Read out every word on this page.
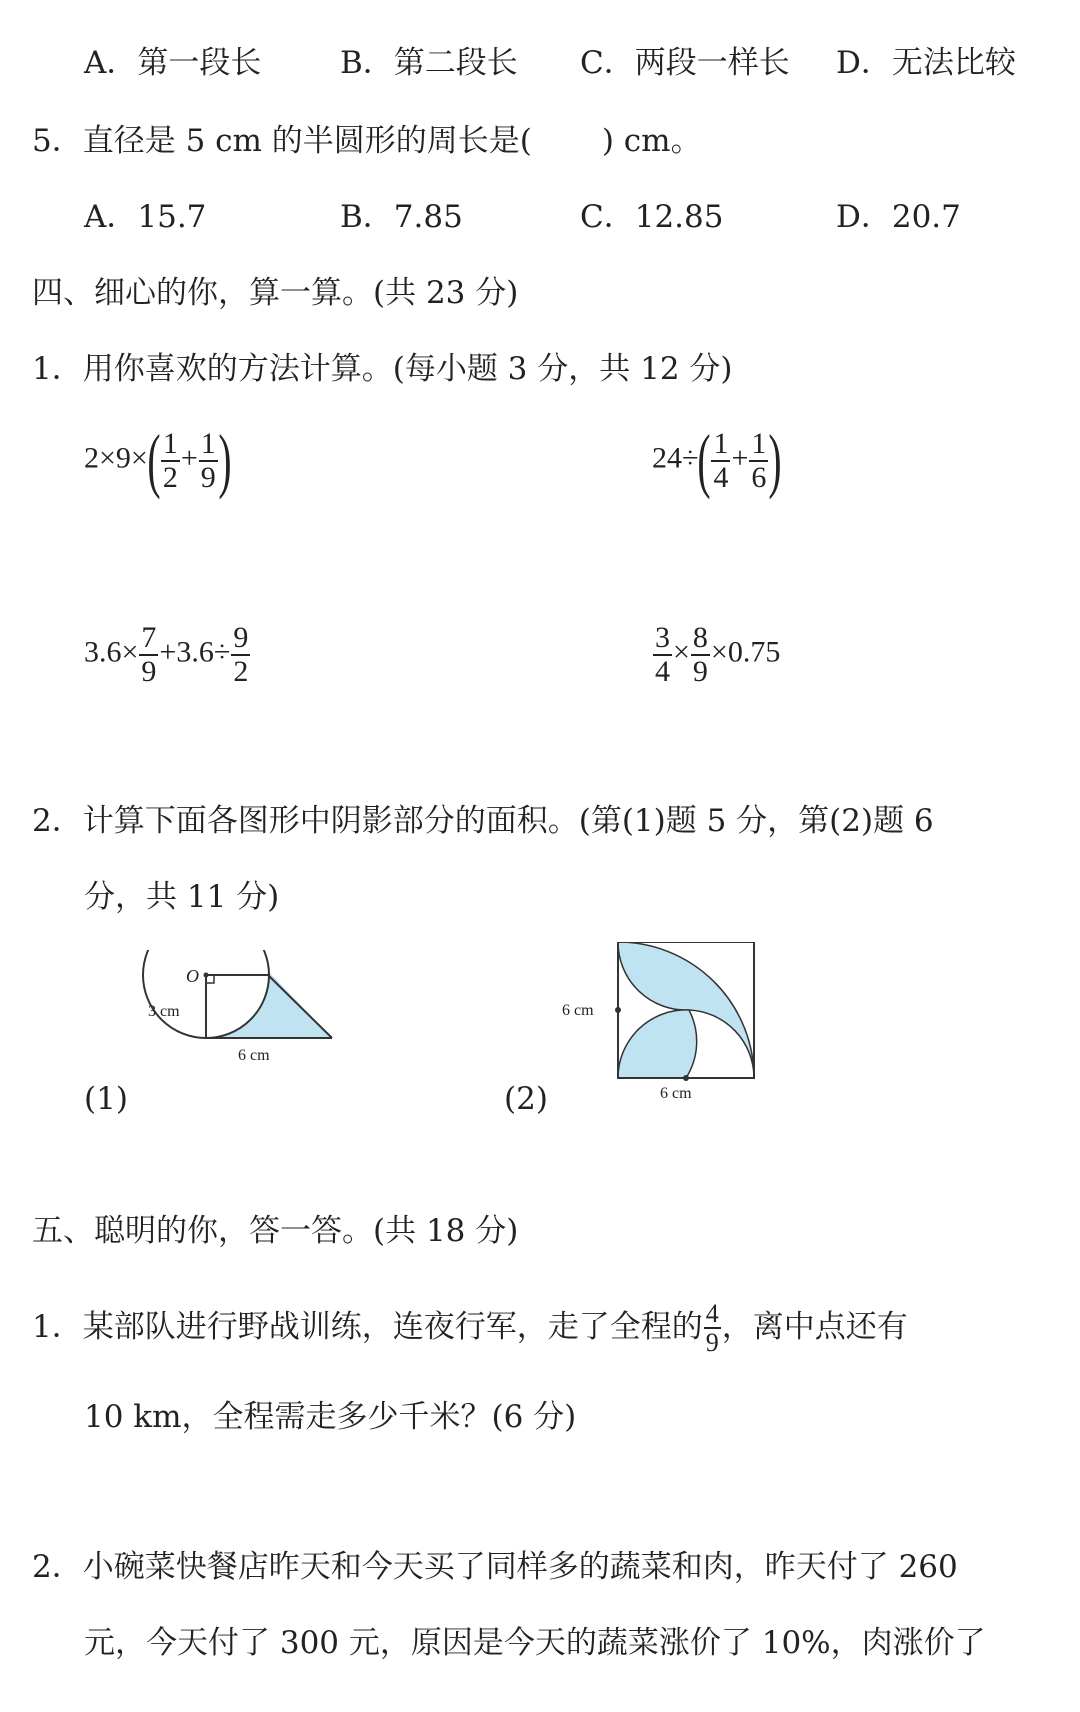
A．第一段长	B．第二段长 C．两段一样长 D．无法比较
5．直径是 5 cm 的半圆形的周长是( ) cm。
A．15.7	B．7.85	C．12.85	D．20.7
四、细心的你，算一算。(共 23 分)
1．用你喜欢的方法计算。(每小题 3 分，共 12 分)
$2\times 9\times( \frac{1}{2} + \frac{1}{9}$ )	$24\div( \frac{1}{4} + \frac{1}{6}$ )
$3.6\times \frac{7}{9} +3.6\div \frac{9}{2}$	$\frac{3}{4} \times \frac{8}{9} \times 0.75$
2．计算下面各图形中阴影部分的面积。(第(1)题 5 分，第(2)题 6
分，共 11 分)
(1)
O
3 cm
6 cm
(2)
6 cm
6 cm
五、聪明的你，答一答。(共 18 分)
1．某部队进行野战训练，连夜行军，走了全程的 $\frac{4}{9}$ ，离中点还有
10 km，全程需走多少千米？(6 分)
2．小碗菜快餐店昨天和今天买了同样多的蔬菜和肉，昨天付了 260
元，今天付了 300 元，原因是今天的蔬菜涨价了 10%，肉涨价了
